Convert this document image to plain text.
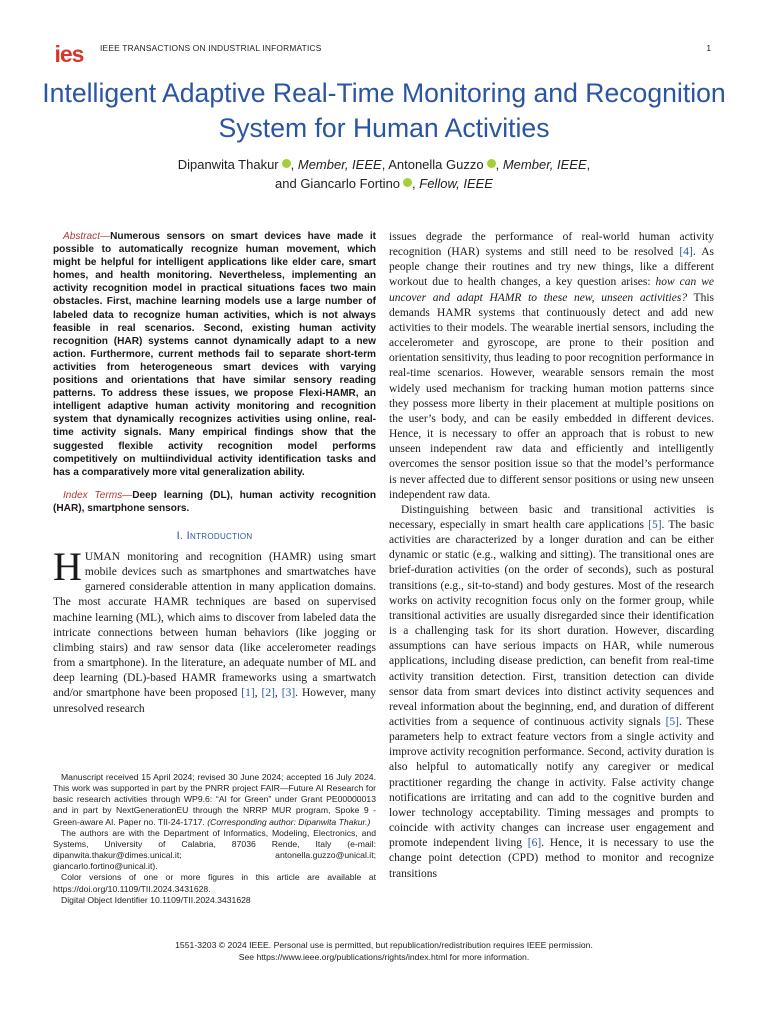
ies IEEE TRANSACTIONS ON INDUSTRIAL INFORMATICS	1
Intelligent Adaptive Real-Time Monitoring and Recognition System for Human Activities
Dipanwita Thakur , Member, IEEE, Antonella Guzzo , Member, IEEE,
and Giancarlo Fortino , Fellow, IEEE

Abstract—Numerous sensors on smart devices have made it possible to automatically recognize human movement, which might be helpful for intelligent applications like elder care, smart homes, and health monitoring. Nevertheless, implementing an activity recognition model in practical situations faces two main obstacles. First, machine learning models use a large number of labeled data to recognize human activities, which is not always feasible in real scenarios. Second, existing human activity recognition (HAR) systems cannot dynamically adapt to a new action. Furthermore, current methods fail to separate short-term activities from heterogeneous smart devices with varying positions and orientations that have similar sensory reading patterns. To address these issues, we propose Flexi-HAMR, an intelligent adaptive human activity monitoring and recognition system that dynamically recognizes activities using online, real-time activity signals. Many empirical findings show that the suggested flexible activity recognition model performs competitively on multiindividual activity identification tasks and has a comparatively more vital generalization ability.

Index Terms—Deep learning (DL), human activity recognition (HAR), smartphone sensors.

I. Introduction

HUMAN monitoring and recognition (HAMR) using smart mobile devices such as smartphones and smartwatches have garnered considerable attention in many application domains. The most accurate HAMR techniques are based on supervised machine learning (ML), which aims to discover from labeled data the intricate connections between human behaviors (like jogging or climbing stairs) and raw sensor data (like accelerometer readings from a smartphone). In the literature, an adequate number of ML and deep learning (DL)-based HAMR frameworks using a smartwatch and/or smartphone have been proposed [1], [2], [3]. However, many unresolved research

issues degrade the performance of real-world human activity recognition (HAR) systems and still need to be resolved [4]. As people change their routines and try new things, like a different workout due to health changes, a key question arises: how can we uncover and adapt HAMR to these new, unseen activities? This demands HAMR systems that continuously detect and add new activities to their models. The wearable inertial sensors, including the accelerometer and gyroscope, are prone to their position and orientation sensitivity, thus leading to poor recognition performance in real-time scenarios. However, wearable sensors remain the most widely used mechanism for tracking human motion patterns since they possess more liberty in their placement at multiple positions on the user’s body, and can be easily embedded in different devices. Hence, it is necessary to offer an approach that is robust to new unseen independent raw data and efficiently and intelligently overcomes the sensor position issue so that the model’s performance is never affected due to different sensor positions or using new unseen independent raw data.

Distinguishing between basic and transitional activities is necessary, especially in smart health care applications [5]. The basic activities are characterized by a longer duration and can be either dynamic or static (e.g., walking and sitting). The transitional ones are brief-duration activities (on the order of seconds), such as postural transitions (e.g., sit-to-stand) and body gestures. Most of the research works on activity recognition focus only on the former group, while transitional activities are usually disregarded since their identification is a challenging task for its short duration. However, discarding assumptions can have serious impacts on HAR, while numerous applications, including disease prediction, can benefit from real-time activity transition detection. First, transition detection can divide sensor data from smart devices into distinct activity sequences and reveal information about the beginning, end, and duration of different activities from a sequence of continuous activity signals [5]. These parameters help to extract feature vectors from a single activity and improve activity recognition performance. Second, activity duration is also helpful to automatically notify any caregiver or medical practitioner regarding the change in activity. False activity change notifications are irritating and can add to the cognitive burden and lower technology acceptability. Timing messages and prompts to coincide with activity changes can increase user engagement and promote independent living [6]. Hence, it is necessary to use the change point detection (CPD) method to monitor and recognize transitions

Manuscript received 15 April 2024; revised 30 June 2024; accepted 16 July 2024. This work was supported in part by the PNRR project FAIR—Future AI Research for basic research activities through WP9.6: “AI for Green” under Grant PE00000013 and in part by NextGenerationEU through the NRRP MUR program, Spoke 9 - Green-aware AI. Paper no. TII-24-1717. (Corresponding author: Dipanwita Thakur.)

The authors are with the Department of Informatics, Modeling, Electronics, and Systems, University of Calabria, 87036 Rende, Italy (e-mail: dipanwita.thakur@dimes.unical.it; antonella.guzzo@unical.it; giancarlo.fortino@unical.it).

Color versions of one or more figures in this article are available at https://doi.org/10.1109/TII.2024.3431628.

Digital Object Identifier 10.1109/TII.2024.3431628

1551-3203 © 2024 IEEE. Personal use is permitted, but republication/redistribution requires IEEE permission.
See https://www.ieee.org/publications/rights/index.html for more information.
